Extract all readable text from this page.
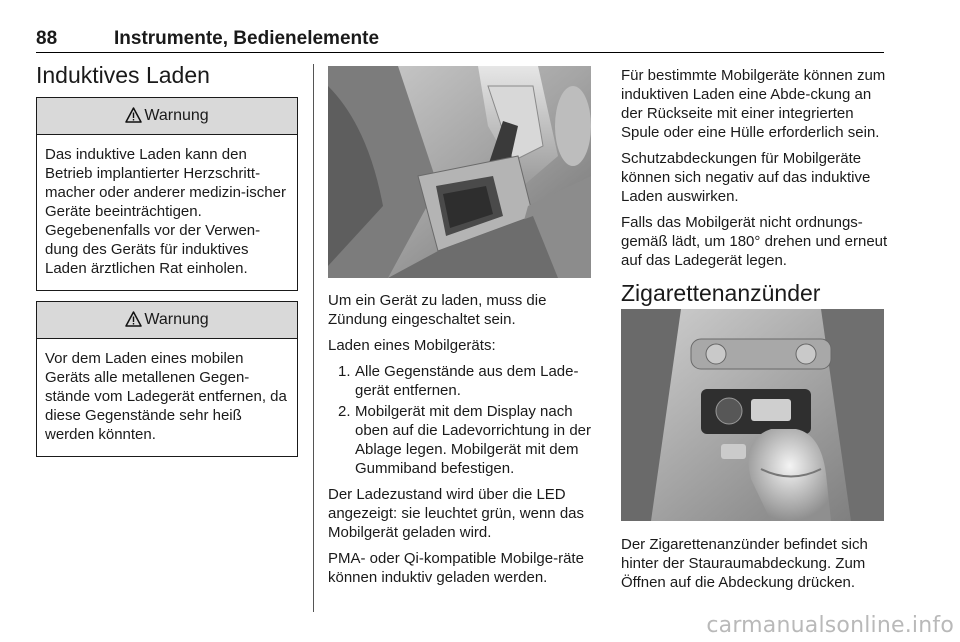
88	Instrumente, Bedienelemente
Induktives Laden
Warnung
Das induktive Laden kann den Betrieb implantierter Herzschritt-macher oder anderer medizin-ischer Geräte beeinträchtigen. Gegebenenfalls vor der Verwen-dung des Geräts für induktives Laden ärztlichen Rat einholen.
Warnung
Vor dem Laden eines mobilen Geräts alle metallenen Gegen-stände vom Ladegerät entfernen, da diese Gegenstände sehr heiß werden könnten.

Um ein Gerät zu laden, muss die Zündung eingeschaltet sein.

Laden eines Mobilgeräts:

1. Alle Gegenstände aus dem Lade-gerät entfernen.
2. Mobilgerät mit dem Display nach oben auf die Ladevorrichtung in der Ablage legen. Mobilgerät mit dem Gummiband befestigen.

Der Ladezustand wird über die LED angezeigt: sie leuchtet grün, wenn das Mobilgerät geladen wird.

PMA- oder Qi-kompatible Mobilge-räte können induktiv geladen werden.

Für bestimmte Mobilgeräte können zum induktiven Laden eine Abde-ckung an der Rückseite mit einer integrierten Spule oder eine Hülle erforderlich sein.

Schutzabdeckungen für Mobilgeräte können sich negativ auf das induktive Laden auswirken.

Falls das Mobilgerät nicht ordnungs-gemäß lädt, um 180° drehen und erneut auf das Ladegerät legen.

Zigarettenanzünder

Der Zigarettenanzünder befindet sich hinter der Stauraumabdeckung. Zum Öffnen auf die Abdeckung drücken.

carmanualsonline.info
